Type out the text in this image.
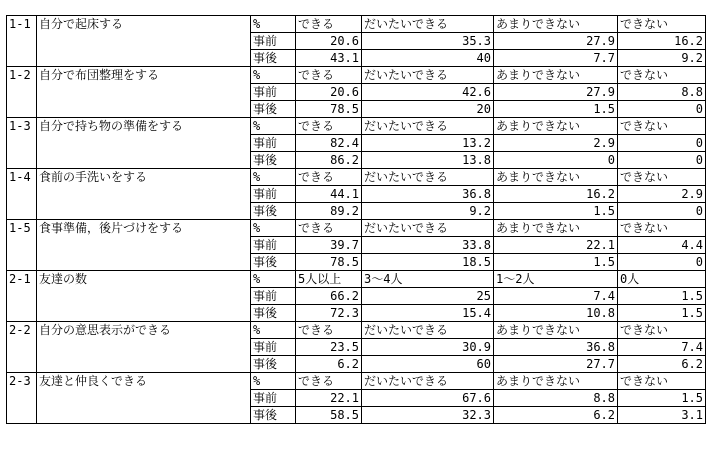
1-1	自分で起床する	%	できる	だいたいできる	あまりできない	できない
		事前	20.6	35.3	27.9	16.2
		事後	43.1	40	7.7	9.2
1-2	自分で布団整理をする	%	できる	だいたいできる	あまりできない	できない
		事前	20.6	42.6	27.9	8.8
		事後	78.5	20	1.5	0
1-3	自分で持ち物の準備をする	%	できる	だいたいできる	あまりできない	できない
		事前	82.4	13.2	2.9	0
		事後	86.2	13.8	0	0
1-4	食前の手洗いをする	%	できる	だいたいできる	あまりできない	できない
		事前	44.1	36.8	16.2	2.9
		事後	89.2	9.2	1.5	0
1-5	食事準備，後片づけをする	%	できる	だいたいできる	あまりできない	できない
		事前	39.7	33.8	22.1	4.4
		事後	78.5	18.5	1.5	0
2-1	友達の数	%	5人以上	3～4人	1～2人	0人
		事前	66.2	25	7.4	1.5
		事後	72.3	15.4	10.8	1.5
2-2	自分の意思表示ができる	%	できる	だいたいできる	あまりできない	できない
		事前	23.5	30.9	36.8	7.4
		事後	6.2	60	27.7	6.2
2-3	友達と仲良くできる	%	できる	だいたいできる	あまりできない	できない
		事前	22.1	67.6	8.8	1.5
		事後	58.5	32.3	6.2	3.1
